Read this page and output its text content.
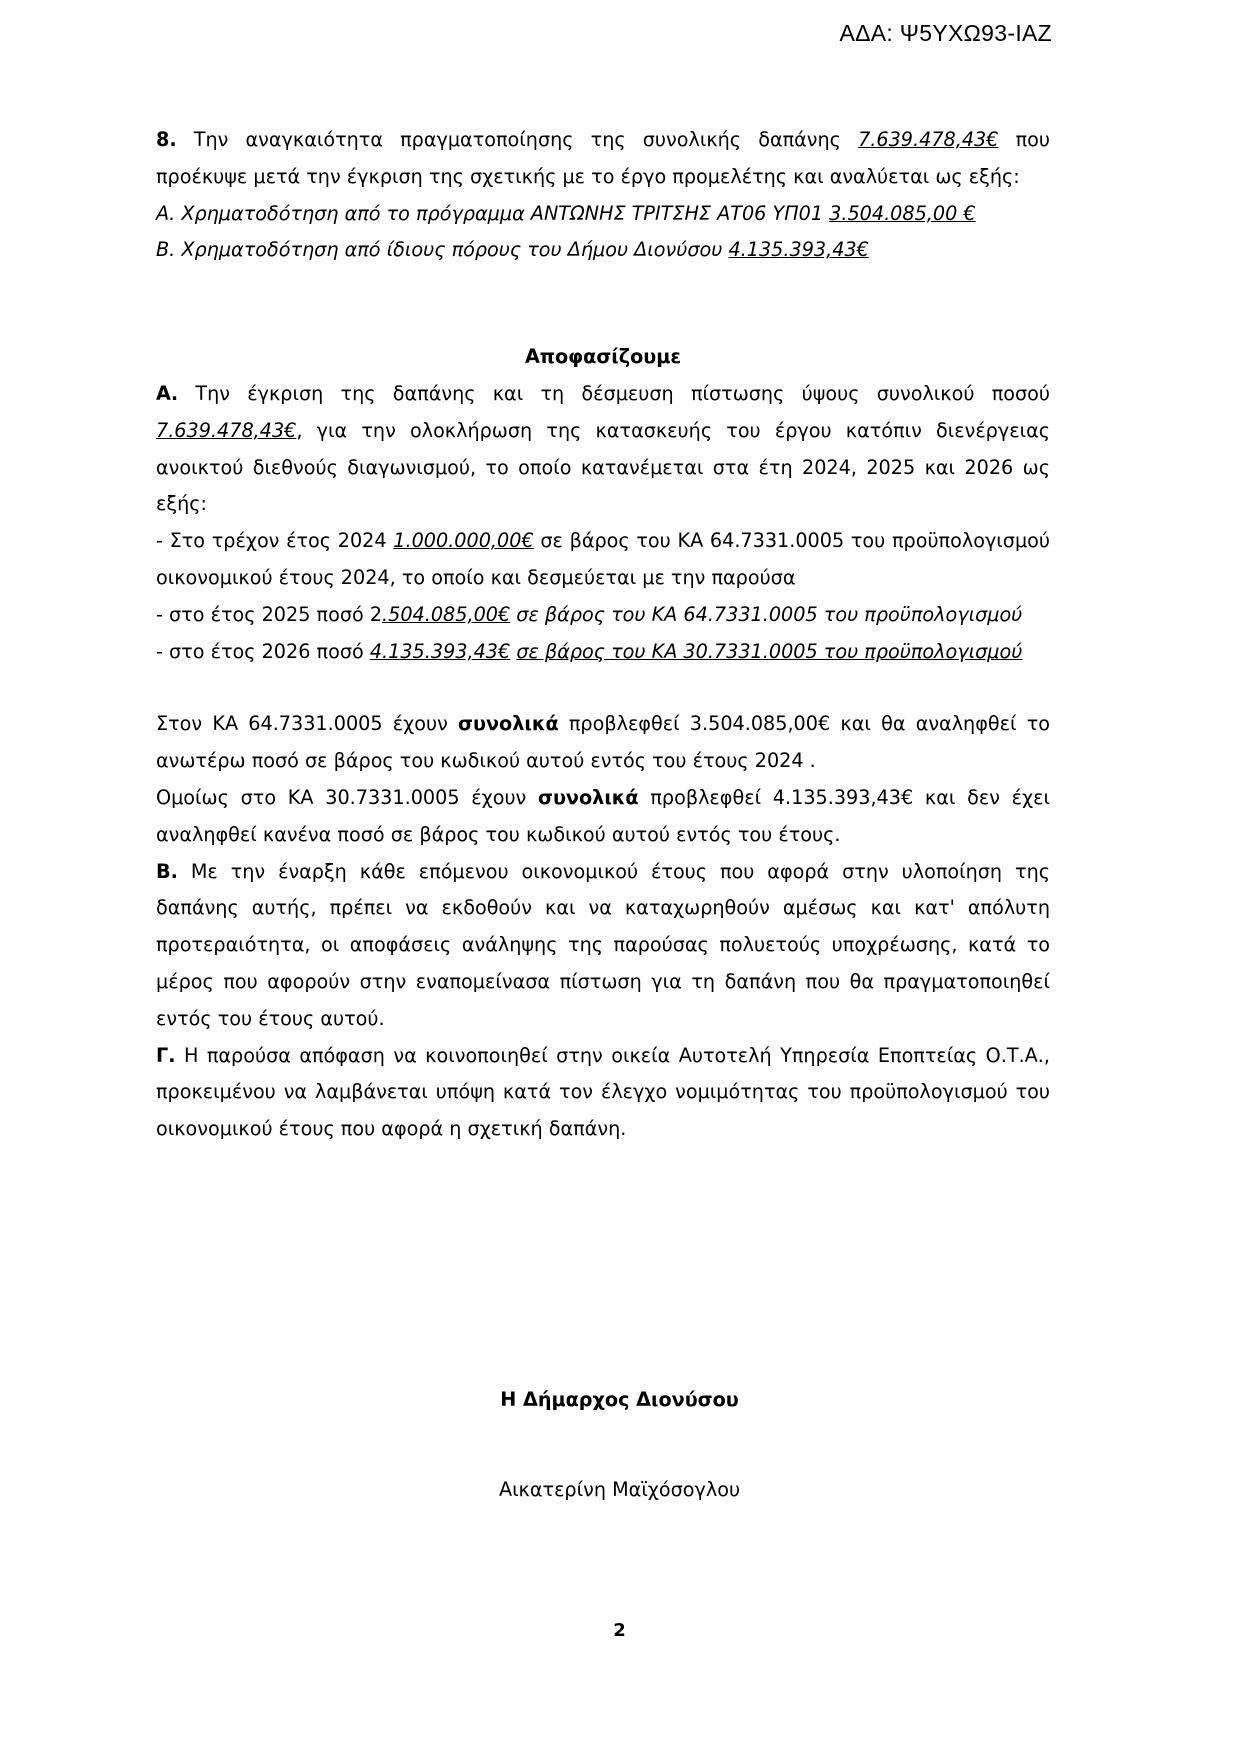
ΑΔΑ: Ψ5ΥΧΩ93-ΙΑΖ

8. Την αναγκαιότητα πραγματοποίησης της συνολικής δαπάνης 7.639.478,43€ που προέκυψε μετά την έγκριση της σχετικής με το έργο προμελέτης και αναλύεται ως εξής:

Α. Χρηματοδότηση από το πρόγραμμα ΑΝΤΩΝΗΣ ΤΡΙΤΣΗΣ ΑΤ06 ΥΠ01 3.504.085,00 €

Β. Χρηματοδότηση από ίδιους πόρους του Δήμου Διονύσου 4.135.393,43€

Αποφασίζουμε

Α. Την έγκριση της δαπάνης και τη δέσμευση πίστωσης ύψους συνολικού ποσού 7.639.478,43€, για την ολοκλήρωση της κατασκευής του έργου κατόπιν διενέργειας ανοικτού διεθνούς διαγωνισμού, το οποίο κατανέμεται στα έτη 2024, 2025 και 2026 ως εξής:

- Στο τρέχον έτος 2024 1.000.000,00€ σε βάρος του ΚΑ 64.7331.0005 του προϋπολογισμού οικονομικού έτους 2024, το οποίο και δεσμεύεται με την παρούσα

- στο έτος 2025 ποσό 2.504.085,00€ σε βάρος του ΚΑ 64.7331.0005 του προϋπολογισμού

- στο έτος 2026 ποσό 4.135.393,43€ σε βάρος του ΚΑ 30.7331.0005 του προϋπολογισμού

Στον ΚΑ 64.7331.0005 έχουν συνολικά προβλεφθεί 3.504.085,00€ και θα αναληφθεί το ανωτέρω ποσό σε βάρος του κωδικού αυτού εντός του έτους 2024 .

Ομοίως στο ΚΑ 30.7331.0005 έχουν συνολικά προβλεφθεί 4.135.393,43€ και δεν έχει αναληφθεί κανένα ποσό σε βάρος του κωδικού αυτού εντός του έτους.

Β. Με την έναρξη κάθε επόμενου οικονομικού έτους που αφορά στην υλοποίηση της δαπάνης αυτής, πρέπει να εκδοθούν και να καταχωρηθούν αμέσως και κατ' απόλυτη προτεραιότητα, οι αποφάσεις ανάληψης της παρούσας πολυετούς υποχρέωσης, κατά το μέρος που αφορούν στην εναπομείνασα πίστωση για τη δαπάνη που θα πραγματοποιηθεί εντός του έτους αυτού.

Γ. Η παρούσα απόφαση να κοινοποιηθεί στην οικεία Αυτοτελή Υπηρεσία Εποπτείας Ο.Τ.Α., προκειμένου να λαμβάνεται υπόψη κατά τον έλεγχο νομιμότητας του προϋπολογισμού του οικονομικού έτους που αφορά η σχετική δαπάνη.

Η Δήμαρχος Διονύσου
Αικατερίνη Μαϊχόσογλου
2
